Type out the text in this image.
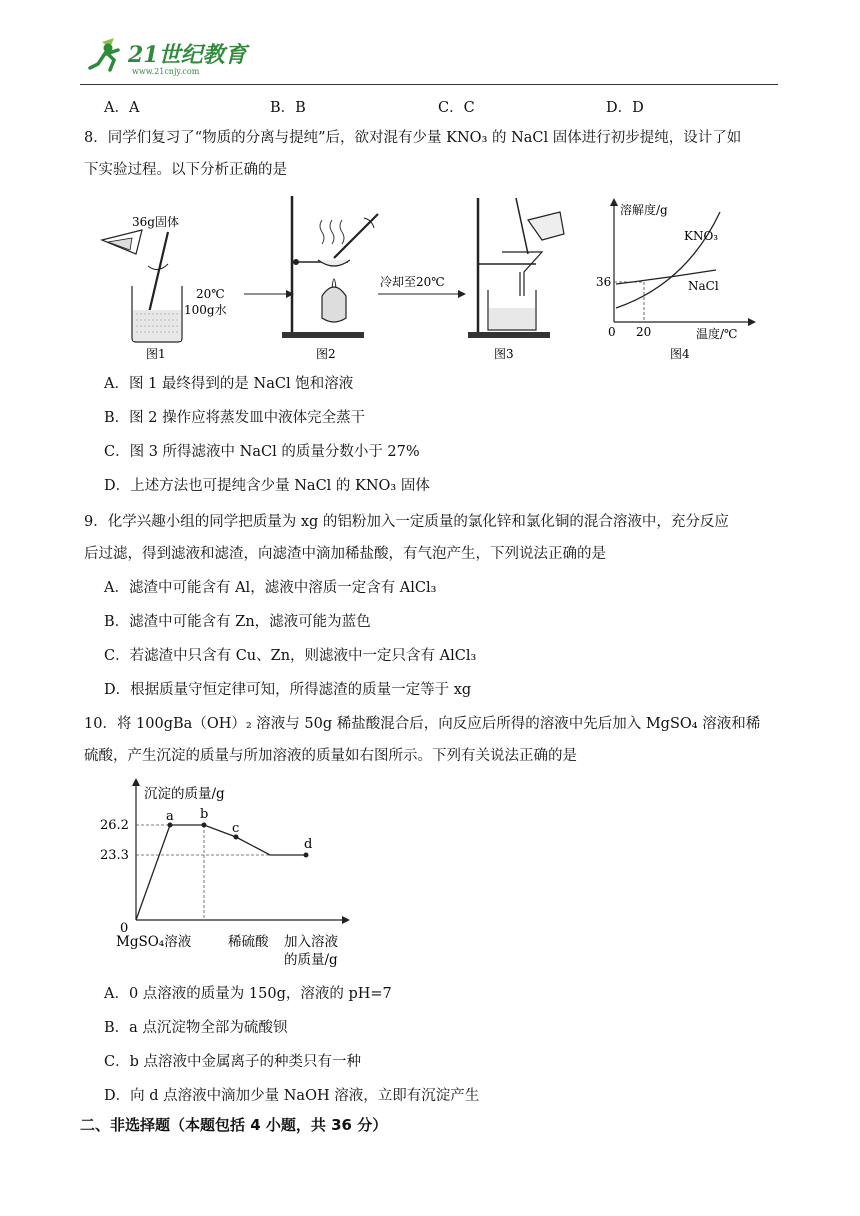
21世纪教育
www.21cnjy.com
A．A	B．B	C．C	D．D
8．同学们复习了“物质的分离与提纯”后，欲对混有少量 KNO₃ 的 NaCl 固体进行初步提纯，设计了如
下实验过程。以下分析正确的是
36g固体
20℃
100g水
图1	图2
冷却至20℃
图3
溶解度/g
温度/℃
36
0 20
KNO₃
NaCl
图4
A．图 1 最终得到的是 NaCl 饱和溶液
B．图 2 操作应将蒸发皿中液体完全蒸干
C．图 3 所得滤液中 NaCl 的质量分数小于 27%
D．上述方法也可提纯含少量 NaCl 的 KNO₃ 固体
9．化学兴趣小组的同学把质量为 xg 的铝粉加入一定质量的氯化锌和氯化铜的混合溶液中，充分反应
后过滤，得到滤液和滤渣，向滤渣中滴加稀盐酸，有气泡产生，下列说法正确的是
A．滤渣中可能含有 Al，滤液中溶质一定含有 AlCl₃
B．滤渣中可能含有 Zn，滤液可能为蓝色
C．若滤渣中只含有 Cu、Zn，则滤液中一定只含有 AlCl₃
D．根据质量守恒定律可知，所得滤渣的质量一定等于 xg
10．将 100gBa（OH）₂ 溶液与 50g 稀盐酸混合后，向反应后所得的溶液中先后加入 MgSO₄ 溶液和稀
硫酸，产生沉淀的质量与所加溶液的质量如右图所示。下列有关说法正确的是
沉淀的质量/g
26.2
23.3
0
a b
c
d
MgSO₄溶液	稀硫酸 加入溶液
的质量/g
A．0 点溶液的质量为 150g，溶液的 pH=7
B．a 点沉淀物全部为硫酸钡
C．b 点溶液中金属离子的种类只有一种
D．向 d 点溶液中滴加少量 NaOH 溶液，立即有沉淀产生
二、非选择题（本题包括 4 小题，共 36 分）
